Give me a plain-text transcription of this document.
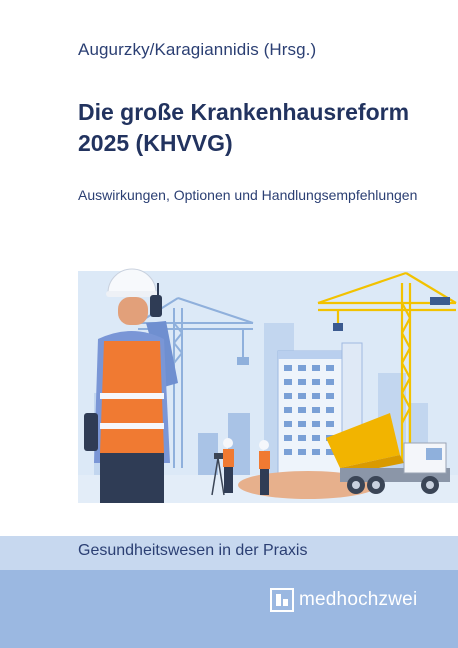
Augurzky/Karagiannidis (Hrsg.)
Die große Krankenhausreform
2025 (KHVVG)
Auswirkungen, Optionen und Handlungsempfehlungen
Gesundheitswesen in der Praxis
medhochzwei
